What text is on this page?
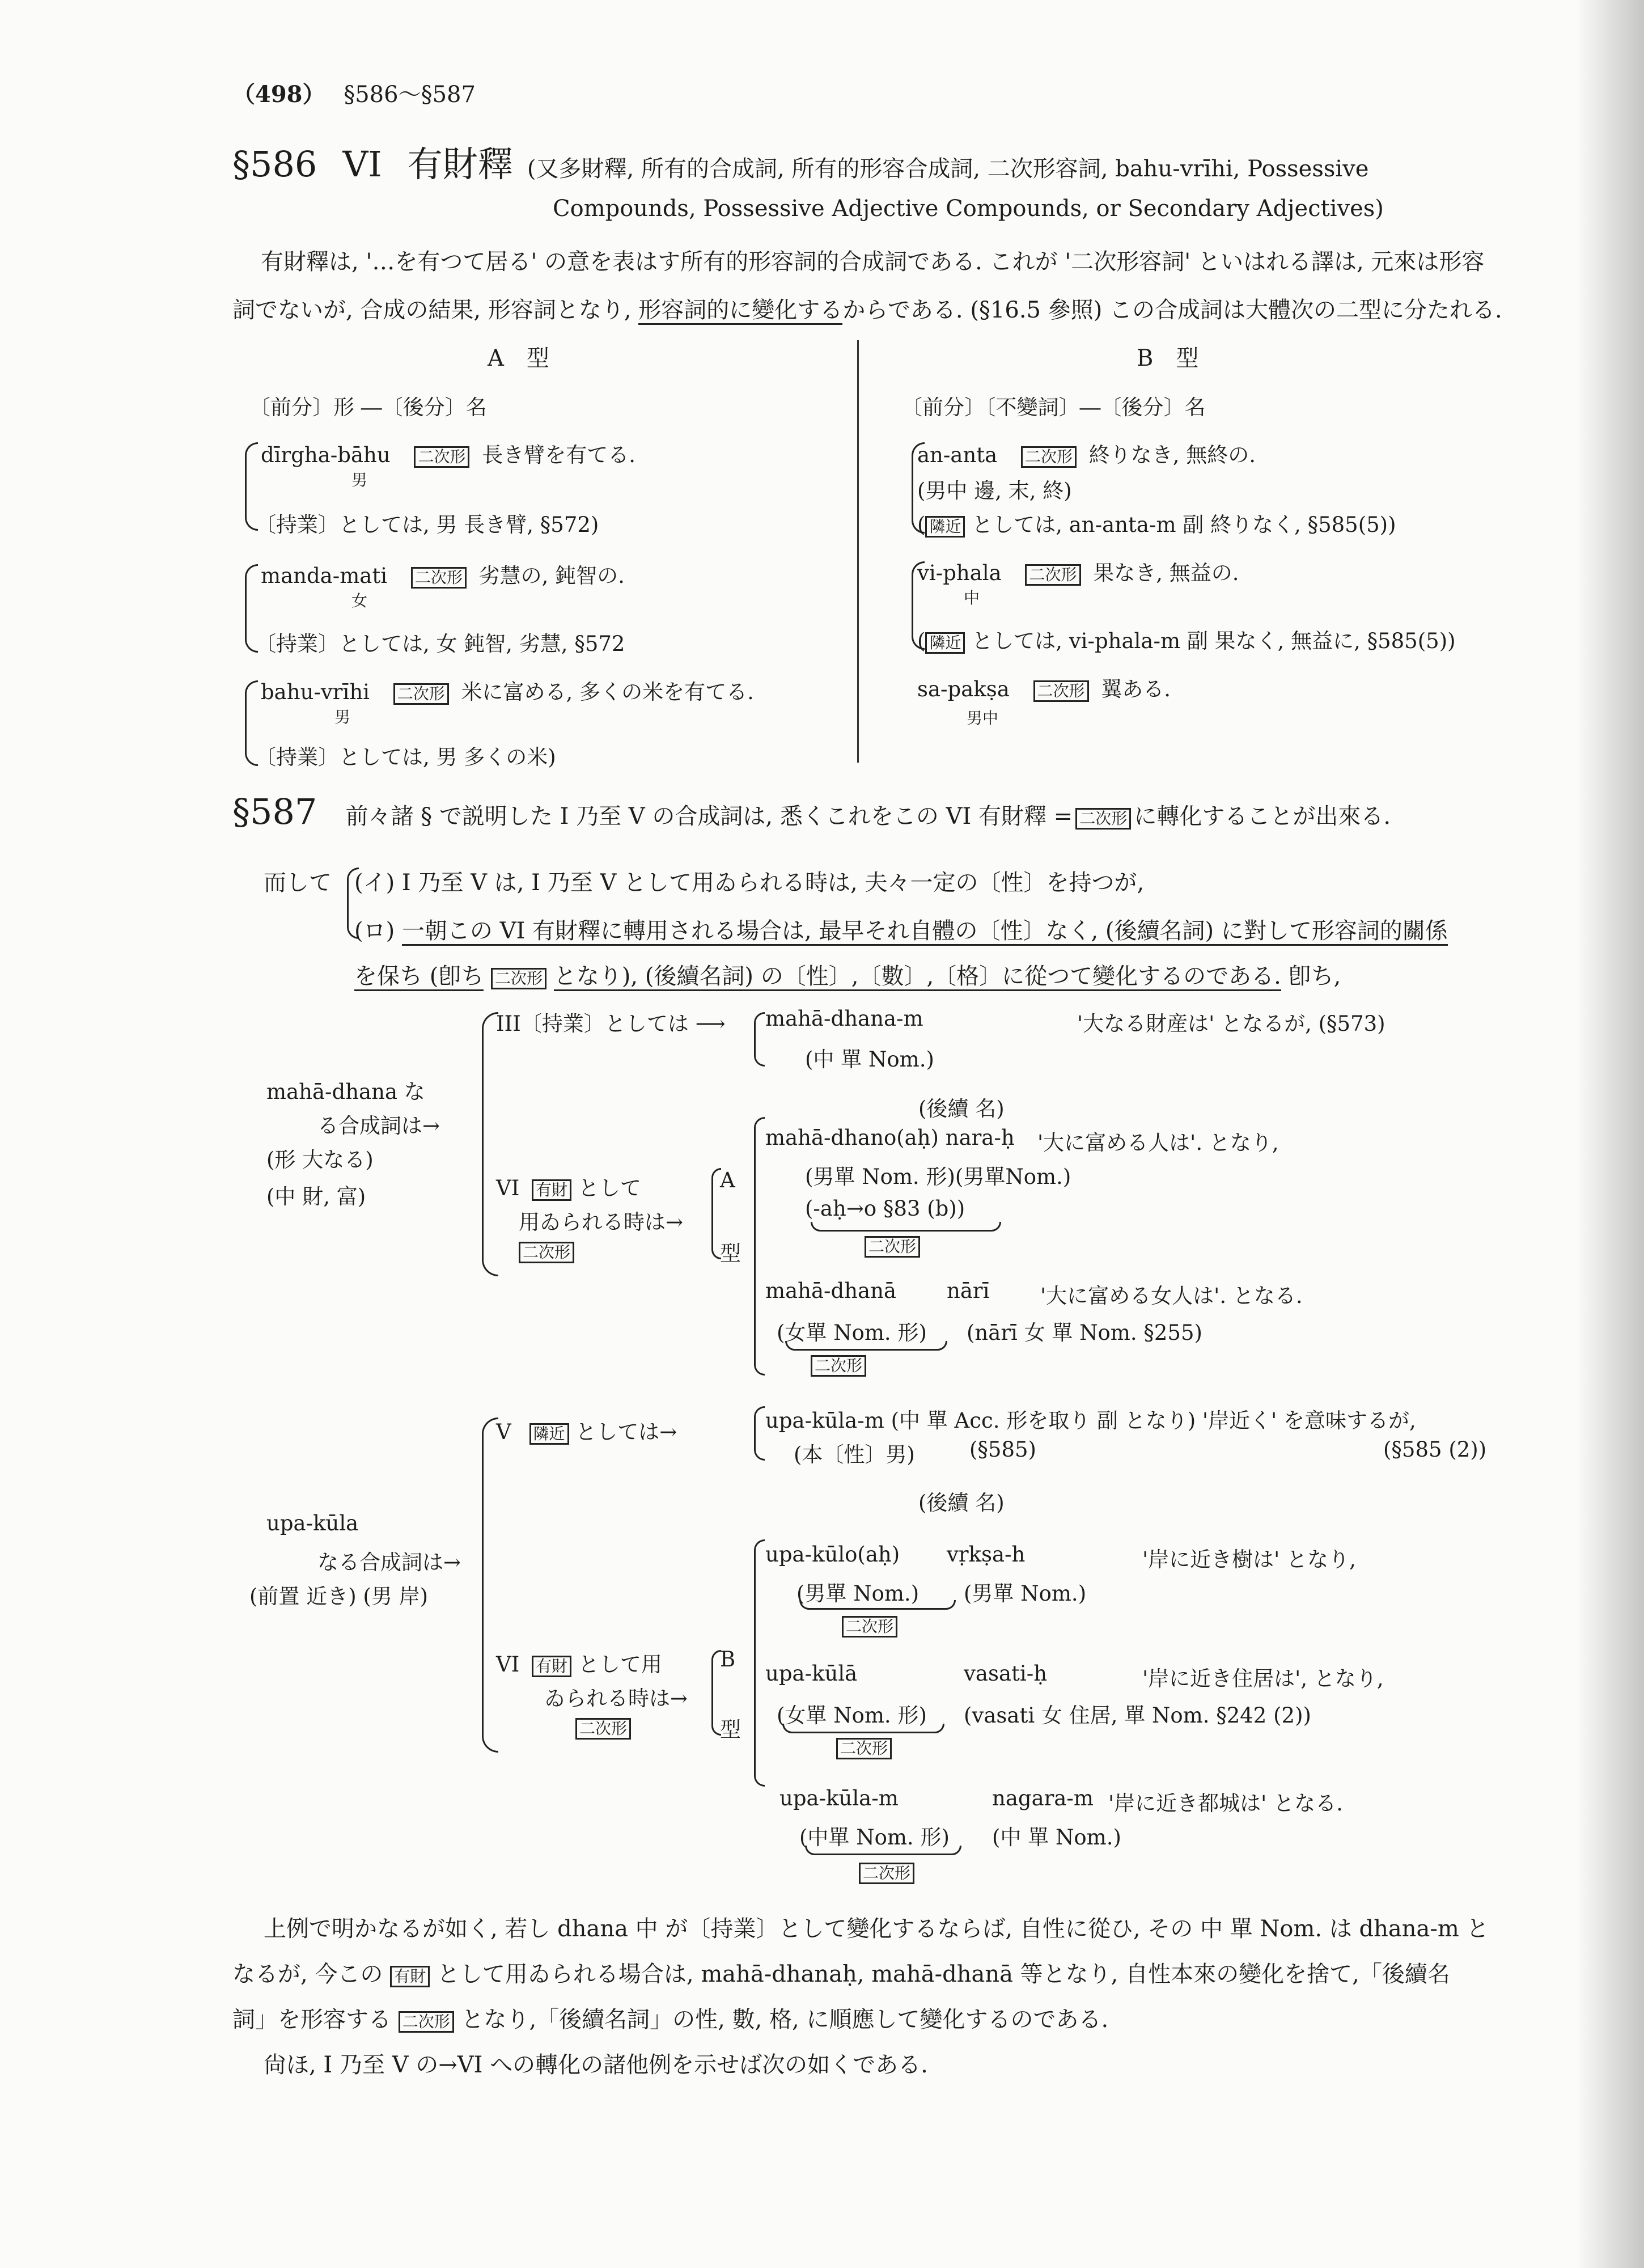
（498） §586〜§587
§586 VI 有財釋 (又多財釋, 所有的合成詞, 所有的形容合成詞, 二次形容詞, bahu-vrīhi, Possessive
Compounds, Possessive Adjective Compounds, or Secondary Adjectives)
有財釋は, '…を有つて居る' の意を表はす所有的形容詞的合成詞である. これが '二次形容詞' といはれる譯は, 元來は形容
詞でないが, 合成の結果, 形容詞となり, 形容詞的に變化するからである. (§16.5 參照) この合成詞は大體次の二型に分たれる.
A　型
〔前分〕形 ―〔後分〕名
dīrgha-bāhu 二次形 長き臂を有てる.
男
〔持業〕としては, 男 長き臂, §572)
manda-mati 二次形 劣慧の, 鈍智の.
女
〔持業〕としては, 女 鈍智, 劣慧, §572
bahu-vrīhi 二次形 米に富める, 多くの米を有てる.
男
〔持業〕としては, 男 多くの米)
B　型
〔前分〕〔不變詞〕―〔後分〕名
an-anta 二次形 終りなき, 無終の.
(男中 邊, 末, 終)
( 隣近 としては, an-anta-m 副 終りなく, §585(5))
vi-phala 二次形 果なき, 無益の.
中
( 隣近 としては, vi-phala-m 副 果なく, 無益に, §585(5))
sa-pakṣa 二次形 翼ある.
男中
§587 前々諸 § で説明した I 乃至 V の合成詞は, 悉くこれをこの VI 有財釋 = 二次形 に轉化することが出來る.
而して (イ) I 乃至 V は, I 乃至 V として用ゐられる時は, 夫々一定の〔性〕を持つが,
(ロ) 一朝この VI 有財釋に轉用される場合は, 最早それ自體の〔性〕なく, (後續名詞) に對して形容詞的關係
を保ち (卽ち 二次形 となり), (後續名詞) の〔性〕,〔數〕,〔格〕に從つて變化するのである. 卽ち,
mahā-dhana な
る合成詞は→
(形 大なる)
(中 財, 富)
III〔持業〕としては ⟶ mahā-dhana-m	'大なる財産は' となるが, (§573)
(中 單 Nom.)
(後續 名)
VI 有財 として
用ゐられる時は→
二次形
A
型
mahā-dhano(aḥ) nara-ḥ '大に富める人は'. となり,
(男單 Nom. 形)(男單Nom.)
(-aḥ→o §83 (b))
二次形
mahā-dhanā nārī '大に富める女人は'. となる.
(女單 Nom. 形) (nārī 女 單 Nom. §255)
二次形
upa-kūla
なる合成詞は→
(前置 近き) (男 岸)
V 隣近 としては→	upa-kūla-m (中 單 Acc. 形を取り 副 となり) '岸近く' を意味するが,
(本〔性〕男)	(§585)	(§585 (2))
(後續 名)
VI 有財 として用
ゐられる時は→
二次形
B
型
upa-kūlo(aḥ) vṛkṣa-h	'岸に近き樹は' となり,
(男單 Nom.) (男單 Nom.)
二次形
upa-kūlā	vasati-ḥ	'岸に近き住居は', となり,
(女單 Nom. 形) (vasati 女 住居, 單 Nom. §242 (2))
二次形
upa-kūla-m	nagara-m '岸に近き都城は' となる.
(中單 Nom. 形) (中 單 Nom.)
二次形
上例で明かなるが如く, 若し dhana 中 が〔持業〕として變化するならば, 自性に從ひ, その 中 單 Nom. は dhana-m と
なるが, 今この 有財 として用ゐられる場合は, mahā-dhanaḥ, mahā-dhanā 等となり, 自性本來の變化を捨て,「後續名
詞」を形容する 二次形 となり,「後續名詞」の性, 數, 格, に順應して變化するのである.
尙ほ, I 乃至 V の→VI への轉化の諸他例を示せば次の如くである.
